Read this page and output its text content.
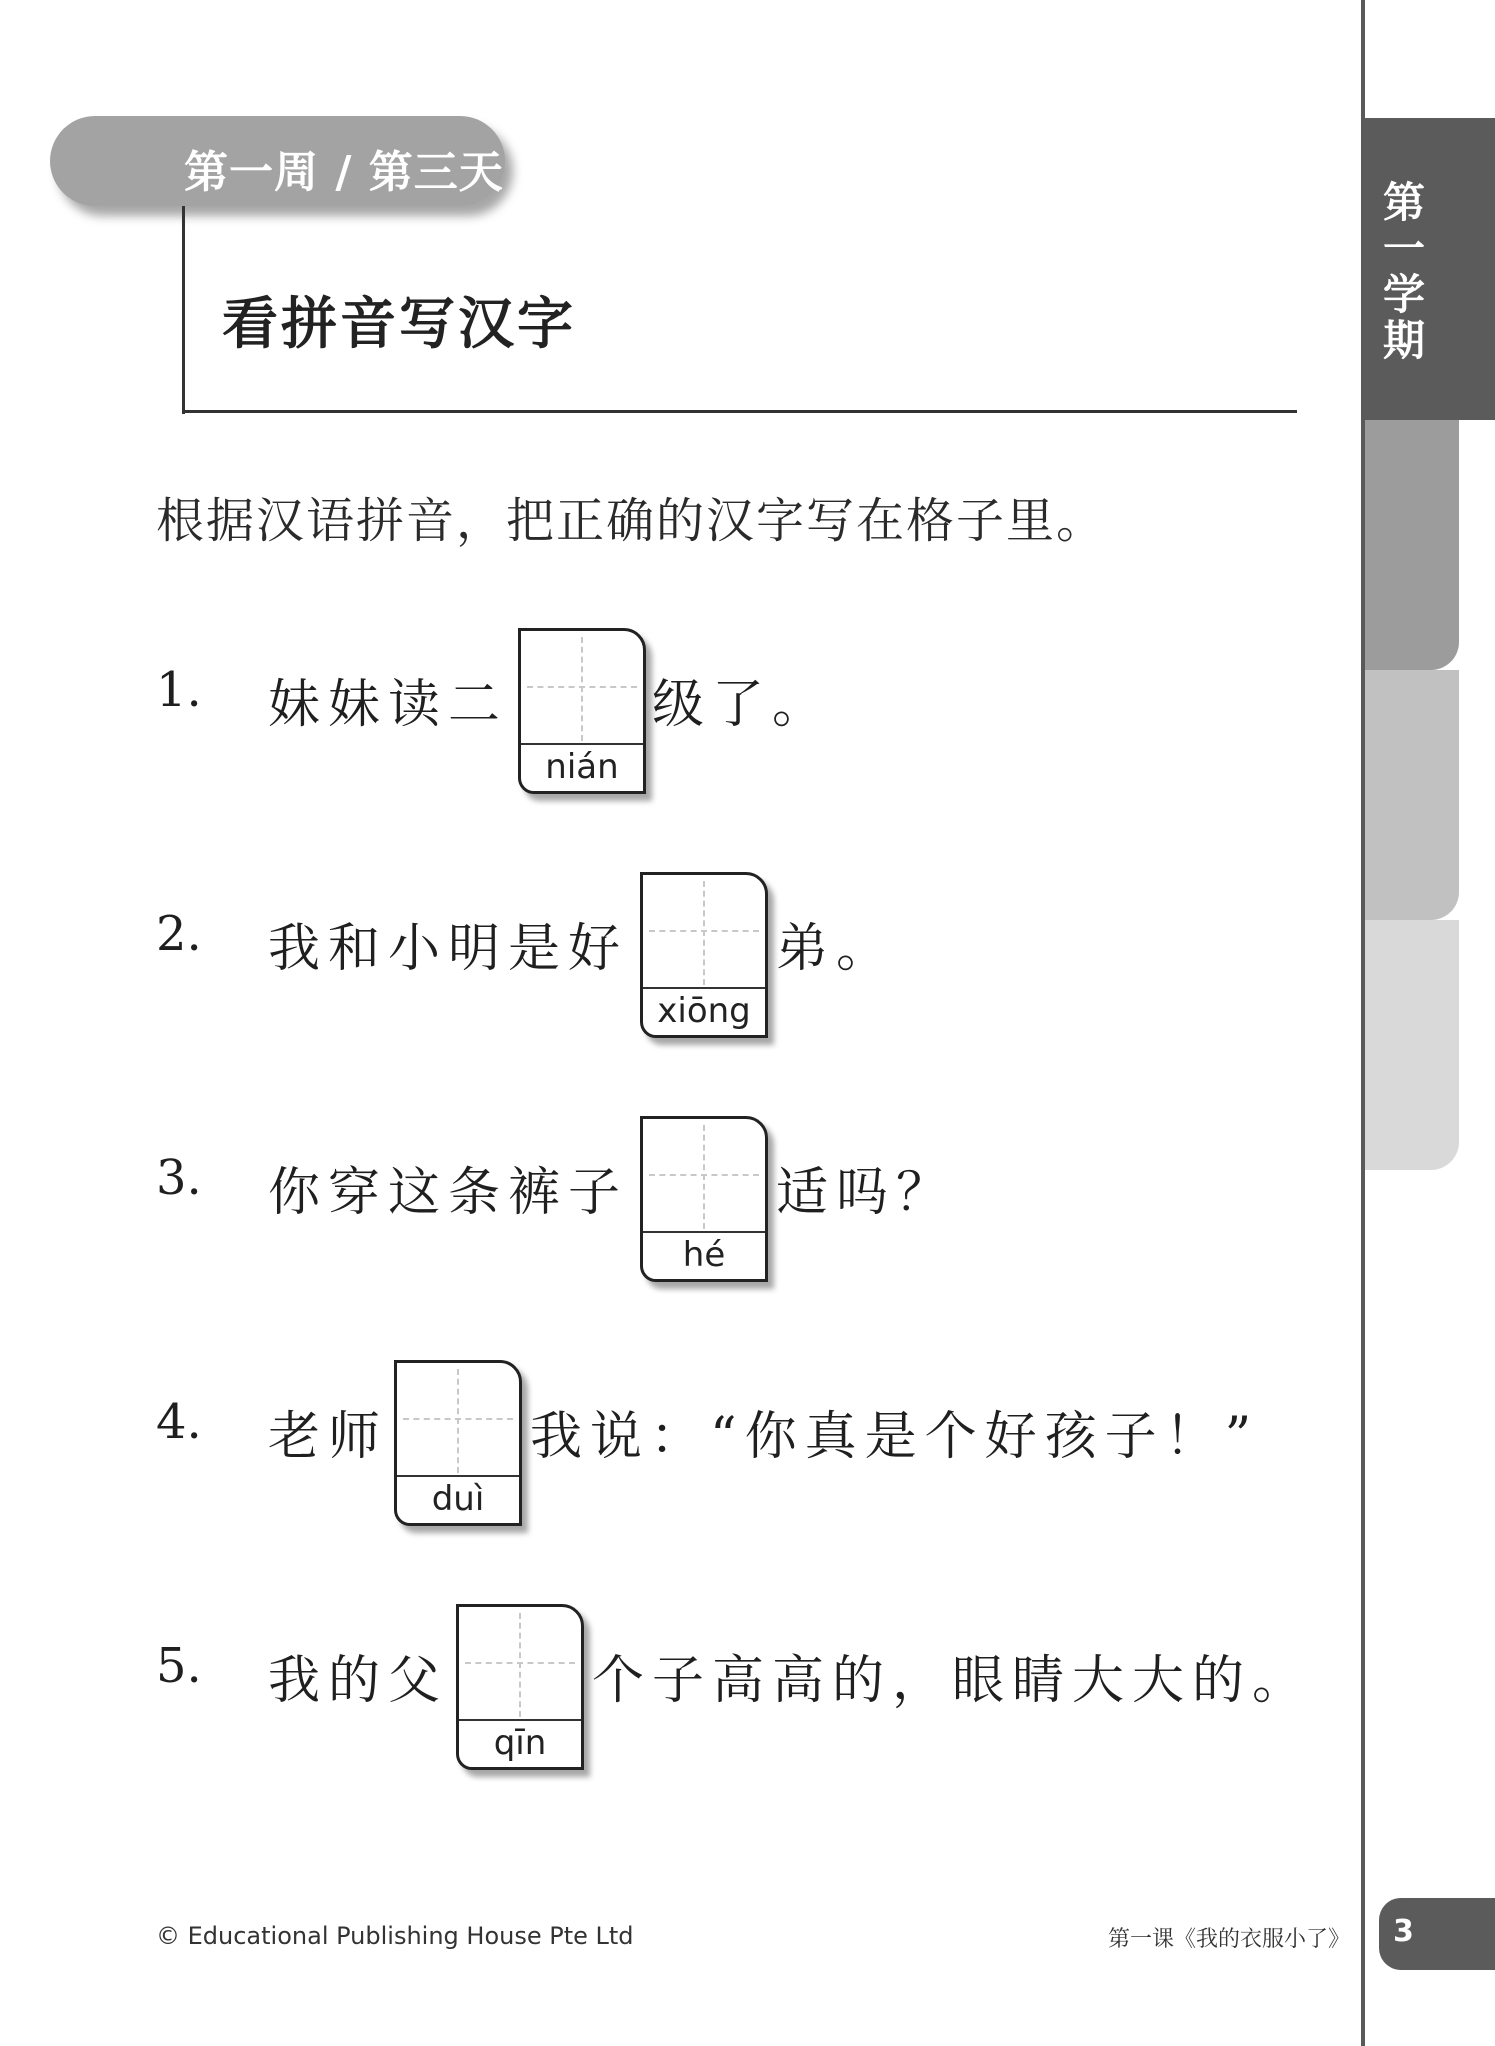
第一学期
第一周 / 第三天
看拼音写汉字
根据汉语拼音，把正确的汉字写在格子里。
1. 妹妹读二
nián
级了。
2. 我和小明是好
xiōng
弟。
3. 你穿这条裤子
hé
适吗？
4. 老师
duì
我说：“你真是个好孩子！”
5. 我的父
qīn
个子高高的，眼睛大大的。
© Educational Publishing House Pte Ltd	第一课《我的衣服小了》 3
